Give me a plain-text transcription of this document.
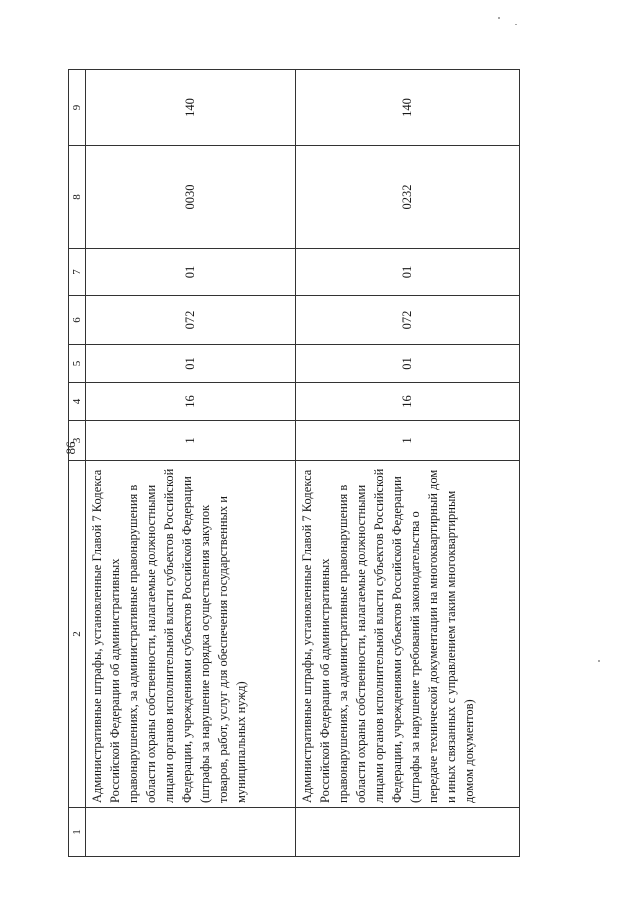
86
1	2	3	4	5	6	7	8	9
	Административные штрафы, установленные Главой 7 Кодекса Российской Федерации об административных правонарушениях, за административные правонарушения в области охраны собственности, налагаемые должностными лицами органов исполнительной власти субъектов Российской Федерации, учреждениями субъектов Российской Федерации (штрафы за нарушение порядка осуществления закупок товаров, работ, услуг для обеспечения государственных и муниципальных нужд)	1	16	01	072	01	0030	140
	Административные штрафы, установленные Главой 7 Кодекса Российской Федерации об административных правонарушениях, за административные правонарушения в области охраны собственности, налагаемые должностными лицами органов исполнительной власти субъектов Российской Федерации, учреждениями субъектов Российской Федерации (штрафы за нарушение требований законодательства о передаче технической документации на многоквартирный дом и иных связанных с управлением таким многоквартирным домом документов)	1	16	01	072	01	0232	140
